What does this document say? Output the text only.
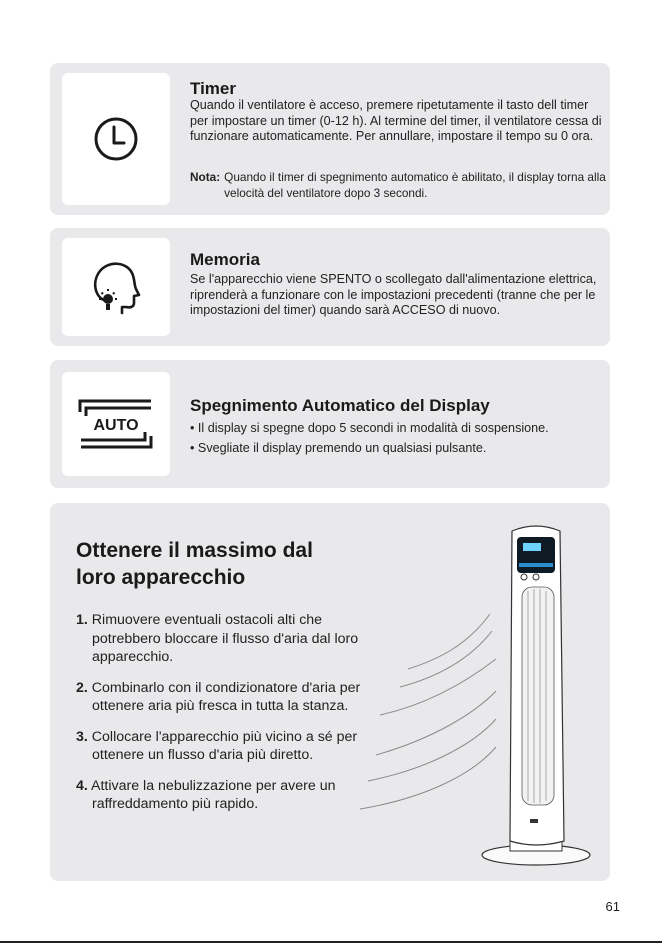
Timer
Quando il ventilatore è acceso, premere ripetutamente il tasto dell timer per impostare un timer (0-12 h). Al termine del timer, il ventilatore cessa di funzionare automaticamente. Per annullare, impostare il tempo su 0 ora.
Nota: Quando il timer di spegnimento automatico è abilitato, il display torna alla velocità del ventilatore dopo 3 secondi.
Memoria
Se l'apparecchio viene SPENTO o scollegato dall'alimentazione elettrica, riprenderà a funzionare con le impostazioni precedenti (tranne che per le impostazioni del timer) quando sarà ACCESO di nuovo.
AUTO
Spegnimento Automatico del Display
• Il display si spegne dopo 5 secondi in modalità di sospensione.
• Svegliate il display premendo un qualsiasi pulsante.
Ottenere il massimo dal
loro apparecchio
1. Rimuovere eventuali ostacoli alti che potrebbero bloccare il flusso d'aria dal loro apparecchio.
2. Combinarlo con il condizionatore d'aria per ottenere aria più fresca in tutta la stanza.
3. Collocare l'apparecchio più vicino a sé per ottenere un flusso d'aria più diretto.
4. Attivare la nebulizzazione per avere un raffreddamento più rapido.
61
